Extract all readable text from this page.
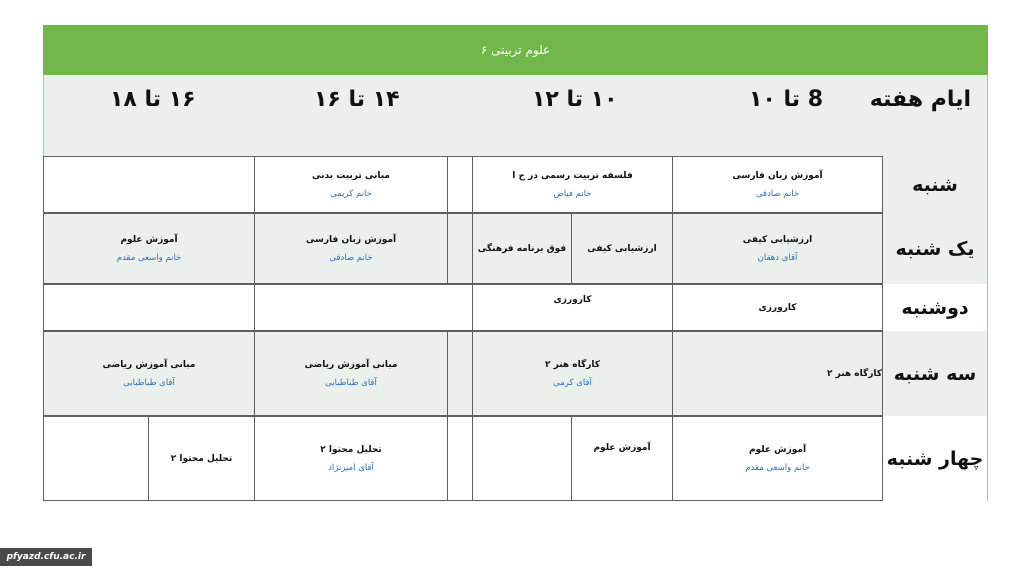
علوم تربیتی ۶
ایام هفته
8 تا ۱۰
۱۰ تا ۱۲
۱۴ تا ۱۶
۱۶ تا ۱۸
شنبه
آموزش زبان فارسی
خانم صادقی
فلسفه تربیت رسمی در ج ا
خانم فیاض
مبانی تربیت بدنی
خانم کریمی
یک شنبه
ارزشیابی کیفی
آقای دهقان
ارزشیابی کیفی
فوق برنامه فرهنگی
آموزش زبان فارسی
خانم صادقی
آموزش علوم
خانم واسعی مقدم
دوشنبه
کارورزی
کارورزی
سه شنبه
کارگاه هنر ۲
کارگاه هنر ۲
آقای کرمی
مبانی آموزش ریاضی
آقای طباطبایی
مبانی آموزش ریاضی
آقای طباطبایی
چهار شنبه
آموزش علوم
خانم واسعی مقدم
آموزش علوم
تحلیل محتوا ۲
آقای امیرنژاد
تحلیل محتوا ۲
pfyazd.cfu.ac.ir
